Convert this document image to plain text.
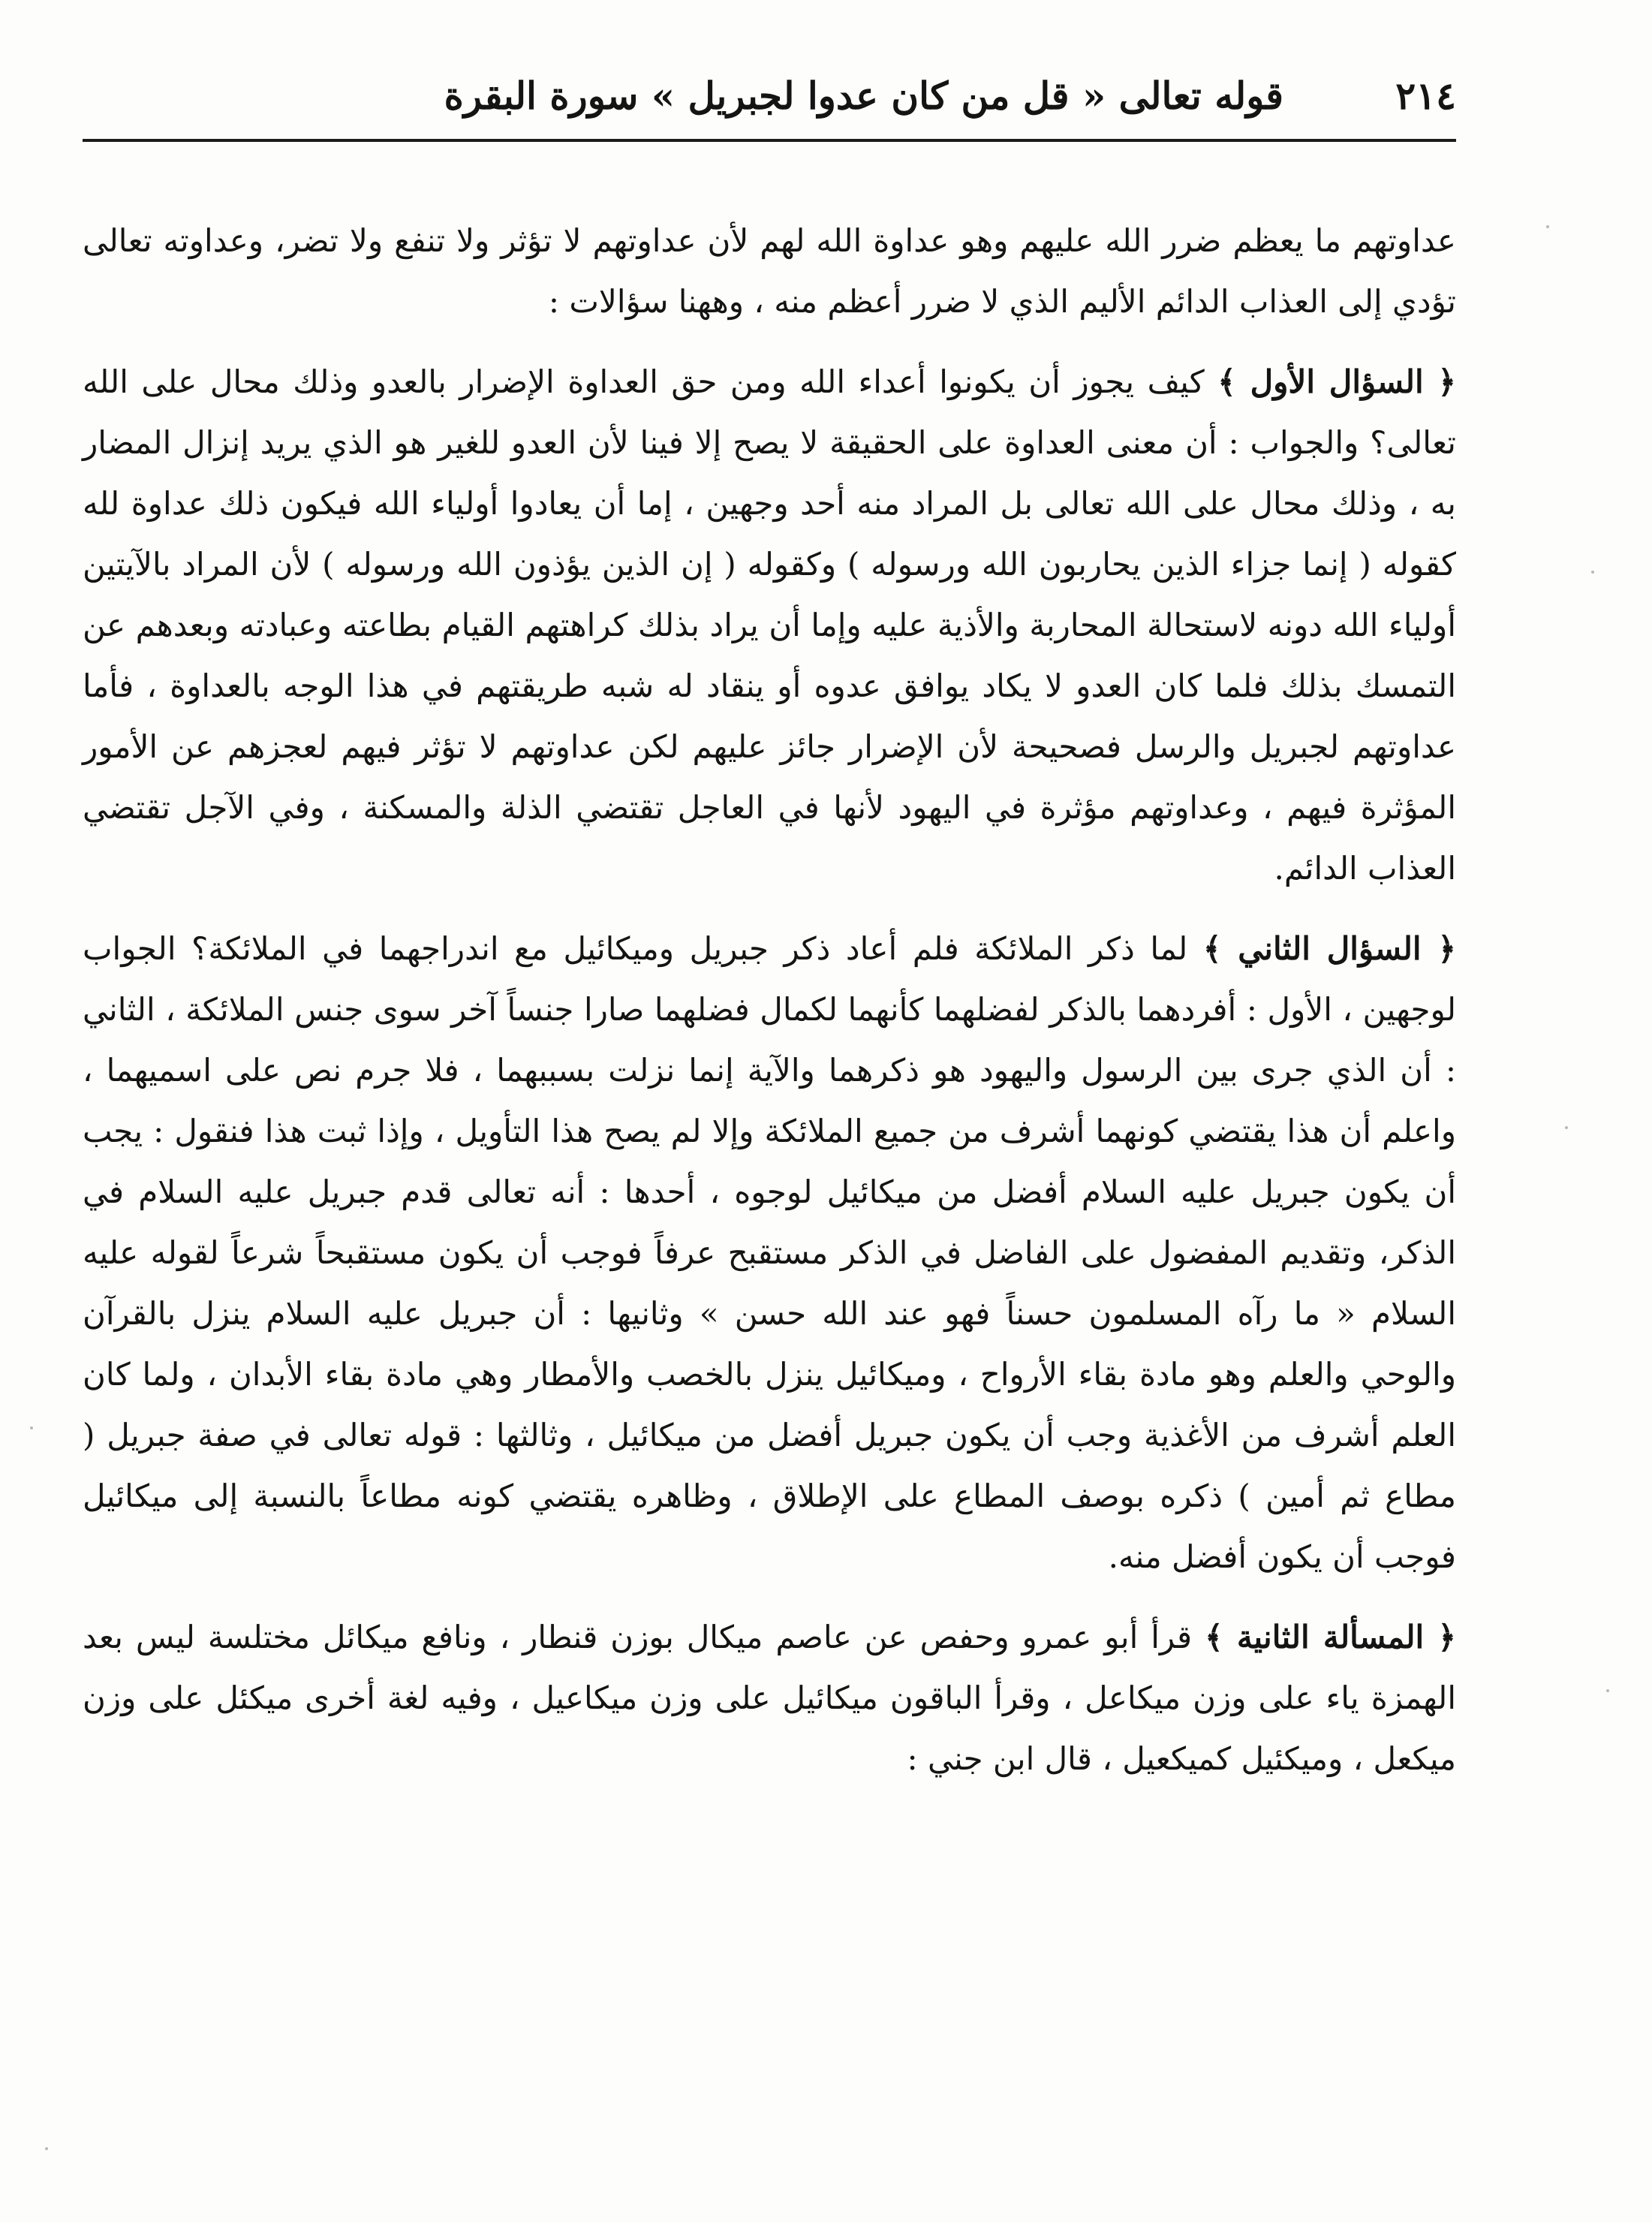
٢١٤
قوله تعالى « قل من كان عدوا لجبريل » سورة البقرة

عداوتهم ما يعظم ضرر الله عليهم وهو عداوة الله لهم لأن عداوتهم لا تؤثر ولا تنفع ولا تضر، وعداوته تعالى تؤدي إلى العذاب الدائم الأليم الذي لا ضرر أعظم منه ، وههنا سؤالات :

﴿ السؤال الأول ﴾ كيف يجوز أن يكونوا أعداء الله ومن حق العداوة الإضرار بالعدو وذلك محال على الله تعالى؟ والجواب : أن معنى العداوة على الحقيقة لا يصح إلا فينا لأن العدو للغير هو الذي يريد إنزال المضار به ، وذلك محال على الله تعالى بل المراد منه أحد وجهين ، إما أن يعادوا أولياء الله فيكون ذلك عداوة لله كقوله ( إنما جزاء الذين يحاربون الله ورسوله ) وكقوله ( إن الذين يؤذون الله ورسوله ) لأن المراد بالآيتين أولياء الله دونه لاستحالة المحاربة والأذية عليه وإما أن يراد بذلك كراهتهم القيام بطاعته وعبادته وبعدهم عن التمسك بذلك فلما كان العدو لا يكاد يوافق عدوه أو ينقاد له شبه طريقتهم في هذا الوجه بالعداوة ، فأما عداوتهم لجبريل والرسل فصحيحة لأن الإضرار جائز عليهم لكن عداوتهم لا تؤثر فيهم لعجزهم عن الأمور المؤثرة فيهم ، وعداوتهم مؤثرة في اليهود لأنها في العاجل تقتضي الذلة والمسكنة ، وفي الآجل تقتضي العذاب الدائم.

﴿ السؤال الثاني ﴾ لما ذكر الملائكة فلم أعاد ذكر جبريل وميكائيل مع اندراجهما في الملائكة؟ الجواب لوجهين ، الأول : أفردهما بالذكر لفضلهما كأنهما لكمال فضلهما صارا جنساً آخر سوى جنس الملائكة ، الثاني : أن الذي جرى بين الرسول واليهود هو ذكرهما والآية إنما نزلت بسببهما ، فلا جرم نص على اسميهما ، واعلم أن هذا يقتضي كونهما أشرف من جميع الملائكة وإلا لم يصح هذا التأويل ، وإذا ثبت هذا فنقول : يجب أن يكون جبريل عليه السلام أفضل من ميكائيل لوجوه ، أحدها : أنه تعالى قدم جبريل عليه السلام في الذكر، وتقديم المفضول على الفاضل في الذكر مستقبح عرفاً فوجب أن يكون مستقبحاً شرعاً لقوله عليه السلام « ما رآه المسلمون حسناً فهو عند الله حسن » وثانيها : أن جبريل عليه السلام ينزل بالقرآن والوحي والعلم وهو مادة بقاء الأرواح ، وميكائيل ينزل بالخصب والأمطار وهي مادة بقاء الأبدان ، ولما كان العلم أشرف من الأغذية وجب أن يكون جبريل أفضل من ميكائيل ، وثالثها : قوله تعالى في صفة جبريل ( مطاع ثم أمين ) ذكره بوصف المطاع على الإطلاق ، وظاهره يقتضي كونه مطاعاً بالنسبة إلى ميكائيل فوجب أن يكون أفضل منه.

﴿ المسألة الثانية ﴾ قرأ أبو عمرو وحفص عن عاصم ميكال بوزن قنطار ، ونافع ميكائل مختلسة ليس بعد الهمزة ياء على وزن ميكاعل ، وقرأ الباقون ميكائيل على وزن ميكاعيل ، وفيه لغة أخرى ميكئل على وزن ميكعل ، وميكئيل كميكعيل ، قال ابن جني :
